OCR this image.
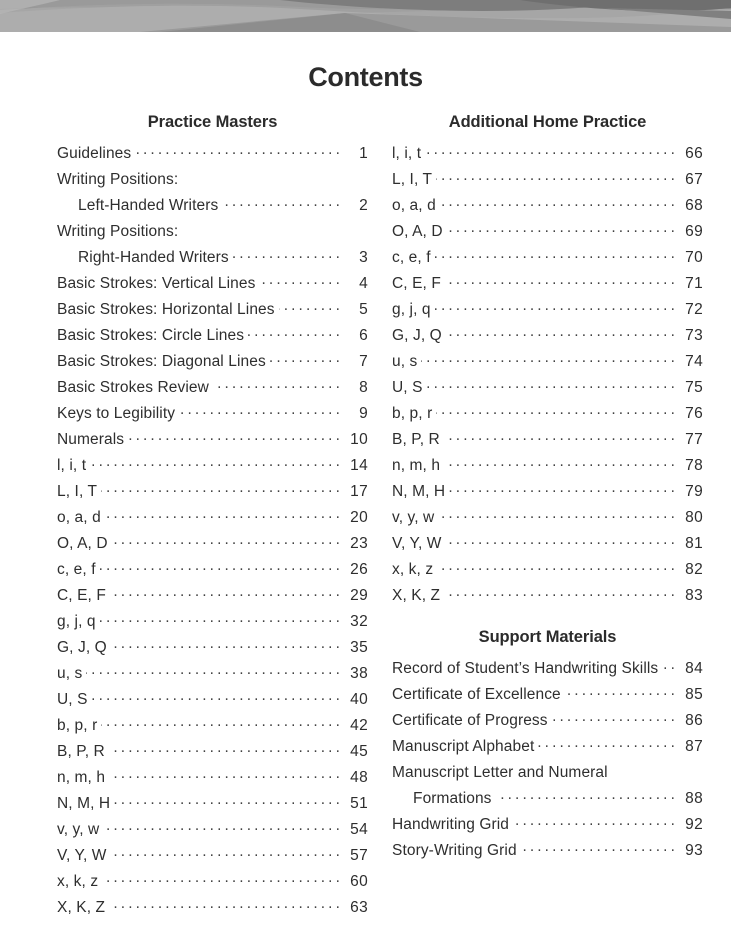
Contents
Practice Masters
Guidelines .....	1
Writing Positions:
Left-Handed Writers .....	2
Writing Positions:
Right-Handed Writers .....	3
Basic Strokes: Vertical Lines .....	4
Basic Strokes: Horizontal Lines .....	5
Basic Strokes: Circle Lines .....	6
Basic Strokes: Diagonal Lines .....	7
Basic Strokes Review .....	8
Keys to Legibility .....	9
Numerals .....	10
l, i, t .....	14
L, I, T .....	17
o, a, d .....	20
O, A, D .....	23
c, e, f .....	26
C, E, F .....	29
g, j, q .....	32
G, J, Q .....	35
u, s .....	38
U, S .....	40
b, p, r .....	42
B, P, R .....	45
n, m, h .....	48
N, M, H .....	51
v, y, w .....	54
V, Y, W .....	57
x, k, z .....	60
X, K, Z .....	63
Additional Home Practice
l, i, t .....	66
L, I, T .....	67
o, a, d .....	68
O, A, D .....	69
c, e, f .....	70
C, E, F .....	71
g, j, q .....	72
G, J, Q .....	73
u, s .....	74
U, S .....	75
b, p, r .....	76
B, P, R .....	77
n, m, h .....	78
N, M, H .....	79
v, y, w .....	80
V, Y, W .....	81
x, k, z .....	82
X, K, Z .....	83
Support Materials
Record of Student’s Handwriting Skills ..... 84
Certificate of Excellence .....	85
Certificate of Progress .....	86
Manuscript Alphabet .....	87
Manuscript Letter and Numeral
Formations .....	88
Handwriting Grid .....	92
Story-Writing Grid .....	93
